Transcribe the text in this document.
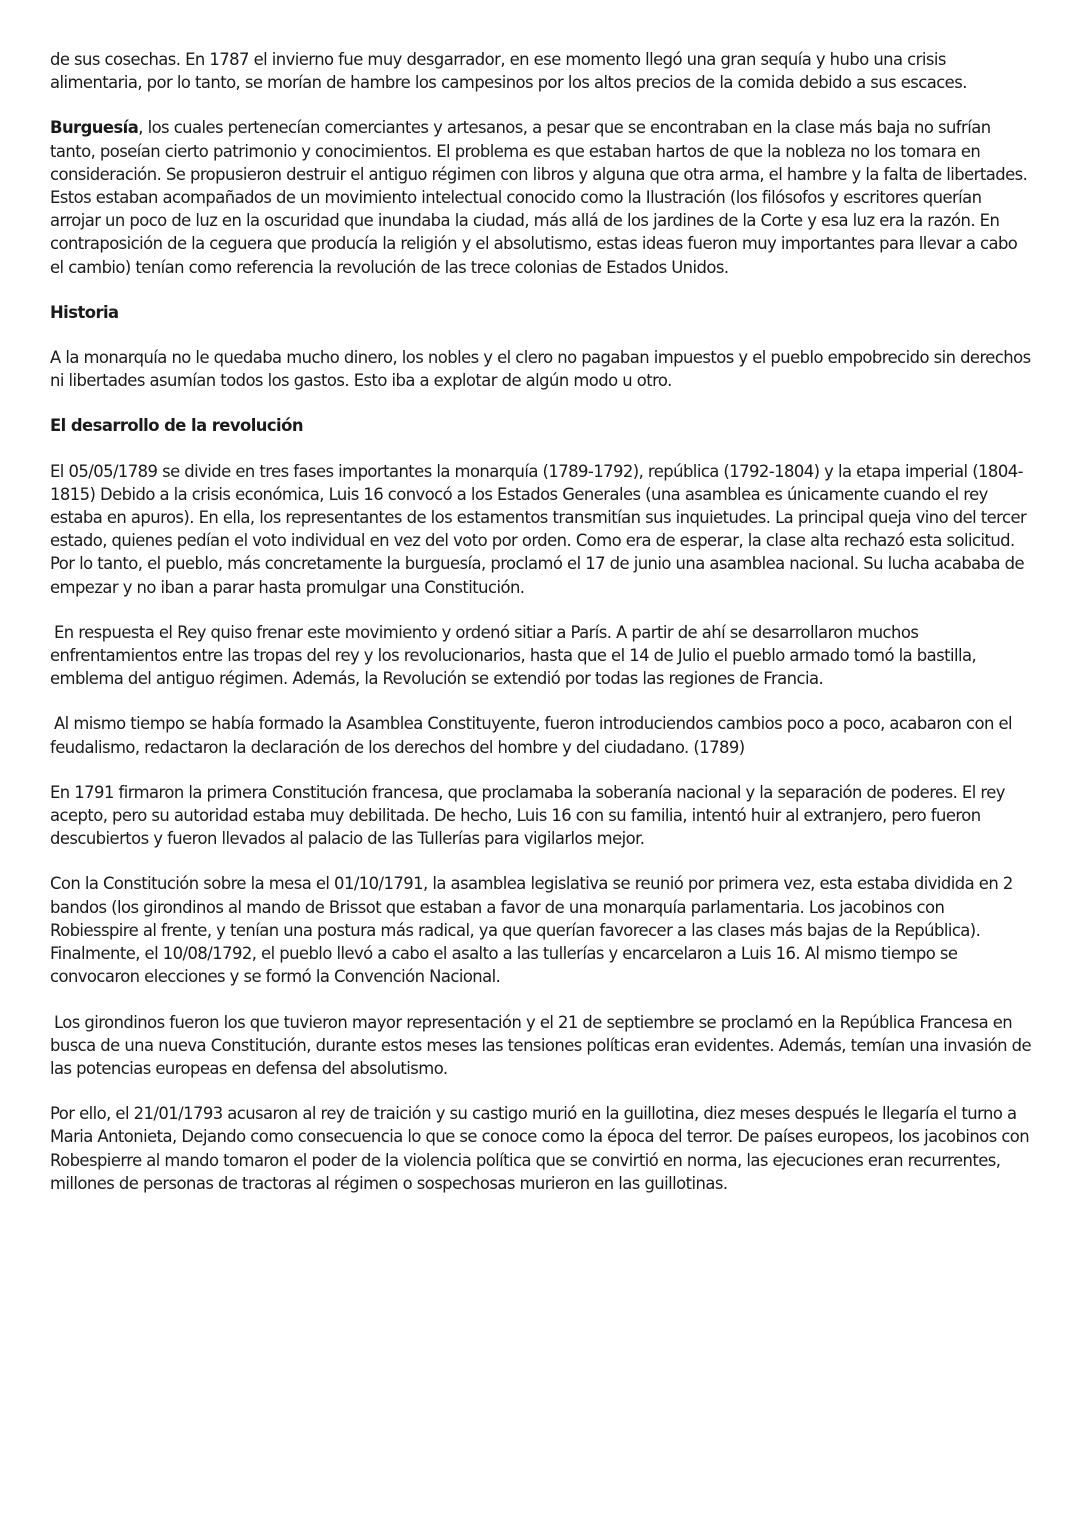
de sus cosechas. En 1787 el invierno fue muy desgarrador, en ese momento llegó una gran sequía y hubo una crisis alimentaria, por lo tanto, se morían de hambre los campesinos por los altos precios de la comida debido a sus escaces.

Burguesía, los cuales pertenecían comerciantes y artesanos, a pesar que se encontraban en la clase más baja no sufrían tanto, poseían cierto patrimonio y conocimientos. El problema es que estaban hartos de que la nobleza no los tomara en consideración. Se propusieron destruir el antiguo régimen con libros y alguna que otra arma, el hambre y la falta de libertades. Estos estaban acompañados de un movimiento intelectual conocido como la Ilustración (los filósofos y escritores querían arrojar un poco de luz en la oscuridad que inundaba la ciudad, más allá de los jardines de la Corte y esa luz era la razón. En contraposición de la ceguera que producía la religión y el absolutismo, estas ideas fueron muy importantes para llevar a cabo el cambio) tenían como referencia la revolución de las trece colonias de Estados Unidos.

Historia

A la monarquía no le quedaba mucho dinero, los nobles y el clero no pagaban impuestos y el pueblo empobrecido sin derechos ni libertades asumían todos los gastos. Esto iba a explotar de algún modo u otro.

El desarrollo de la revolución

El 05/05/1789 se divide en tres fases importantes la monarquía (1789-1792), república (1792-1804) y la etapa imperial (1804-1815) Debido a la crisis económica, Luis 16 convocó a los Estados Generales (una asamblea es únicamente cuando el rey estaba en apuros). En ella, los representantes de los estamentos transmitían sus inquietudes. La principal queja vino del tercer estado, quienes pedían el voto individual en vez del voto por orden. Como era de esperar, la clase alta rechazó esta solicitud. Por lo tanto, el pueblo, más concretamente la burguesía, proclamó el 17 de junio una asamblea nacional. Su lucha acababa de empezar y no iban a parar hasta promulgar una Constitución.

En respuesta el Rey quiso frenar este movimiento y ordenó sitiar a París. A partir de ahí se desarrollaron muchos enfrentamientos entre las tropas del rey y los revolucionarios, hasta que el 14 de Julio el pueblo armado tomó la bastilla, emblema del antiguo régimen. Además, la Revolución se extendió por todas las regiones de Francia.

Al mismo tiempo se había formado la Asamblea Constituyente, fueron introduciendos cambios poco a poco, acabaron con el feudalismo, redactaron la declaración de los derechos del hombre y del ciudadano. (1789)

En 1791 firmaron la primera Constitución francesa, que proclamaba la soberanía nacional y la separación de poderes. El rey acepto, pero su autoridad estaba muy debilitada. De hecho, Luis 16 con su familia, intentó huir al extranjero, pero fueron descubiertos y fueron llevados al palacio de las Tullerías para vigilarlos mejor.

Con la Constitución sobre la mesa el 01/10/1791, la asamblea legislativa se reunió por primera vez, esta estaba dividida en 2 bandos (los girondinos al mando de Brissot que estaban a favor de una monarquía parlamentaria. Los jacobinos con Robiesspire al frente, y tenían una postura más radical, ya que querían favorecer a las clases más bajas de la República). Finalmente, el 10/08/1792, el pueblo llevó a cabo el asalto a las tullerías y encarcelaron a Luis 16. Al mismo tiempo se convocaron elecciones y se formó la Convención Nacional.

Los girondinos fueron los que tuvieron mayor representación y el 21 de septiembre se proclamó en la República Francesa en busca de una nueva Constitución, durante estos meses las tensiones políticas eran evidentes. Además, temían una invasión de las potencias europeas en defensa del absolutismo.

Por ello, el 21/01/1793 acusaron al rey de traición y su castigo murió en la guillotina, diez meses después le llegaría el turno a Maria Antonieta, Dejando como consecuencia lo que se conoce como la época del terror. De países europeos, los jacobinos con Robespierre al mando tomaron el poder de la violencia política que se convirtió en norma, las ejecuciones eran recurrentes, millones de personas de tractoras al régimen o sospechosas murieron en las guillotinas.
